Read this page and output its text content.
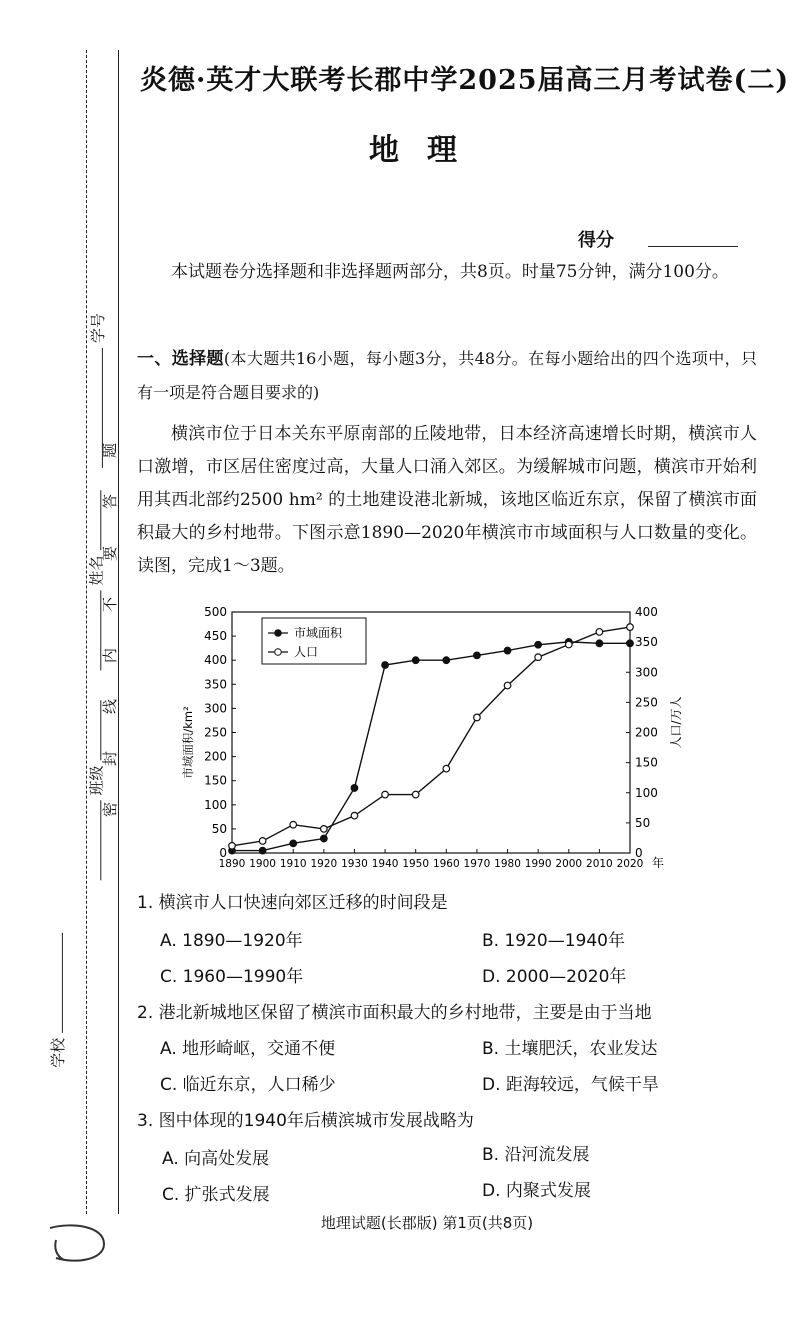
学号
姓名
班级
学校
题
答
要
不
内
线
封
密
炎德·英才大联考长郡中学2025届高三月考试卷(二)
地理
得分
本试题卷分选择题和非选择题两部分，共8页。时量75分钟，满分100分。
一、选择题(本大题共16小题，每小题3分，共48分。在每小题给出的四个选项中，只有一项是符合题目要求的)
横滨市位于日本关东平原南部的丘陵地带，日本经济高速增长时期，横滨市人口激增，市区居住密度过高，大量人口涌入郊区。为缓解城市问题，横滨市开始利用其西北部约2500 hm² 的土地建设港北新城，该地区临近东京，保留了横滨市面积最大的乡村地带。下图示意1890—2020年横滨市市域面积与人口数量的变化。读图，完成1～3题。
0
50
100
150
200
250
300
350
400
450
500
0
50
100
150
200
250
300
350
400
1890 1900 1910 1920 1930 1940 1950 1960 1970 1980 1990 2000 2010 2020 年
市域面积/km²	人口/万人
市域面积
人口
1. 横滨市人口快速向郊区迁移的时间段是
A. 1890—1920年	B. 1920—1940年
C. 1960—1990年	D. 2000—2020年
2. 港北新城地区保留了横滨市面积最大的乡村地带，主要是由于当地
A. 地形崎岖，交通不便	B. 土壤肥沃，农业发达
C. 临近东京，人口稀少	D. 距海较远，气候干旱
3. 图中体现的1940年后横滨城市发展战略为
A. 向高处发展	B. 沿河流发展
C. 扩张式发展	D. 内聚式发展
地理试题(长郡版) 第1页(共8页)
